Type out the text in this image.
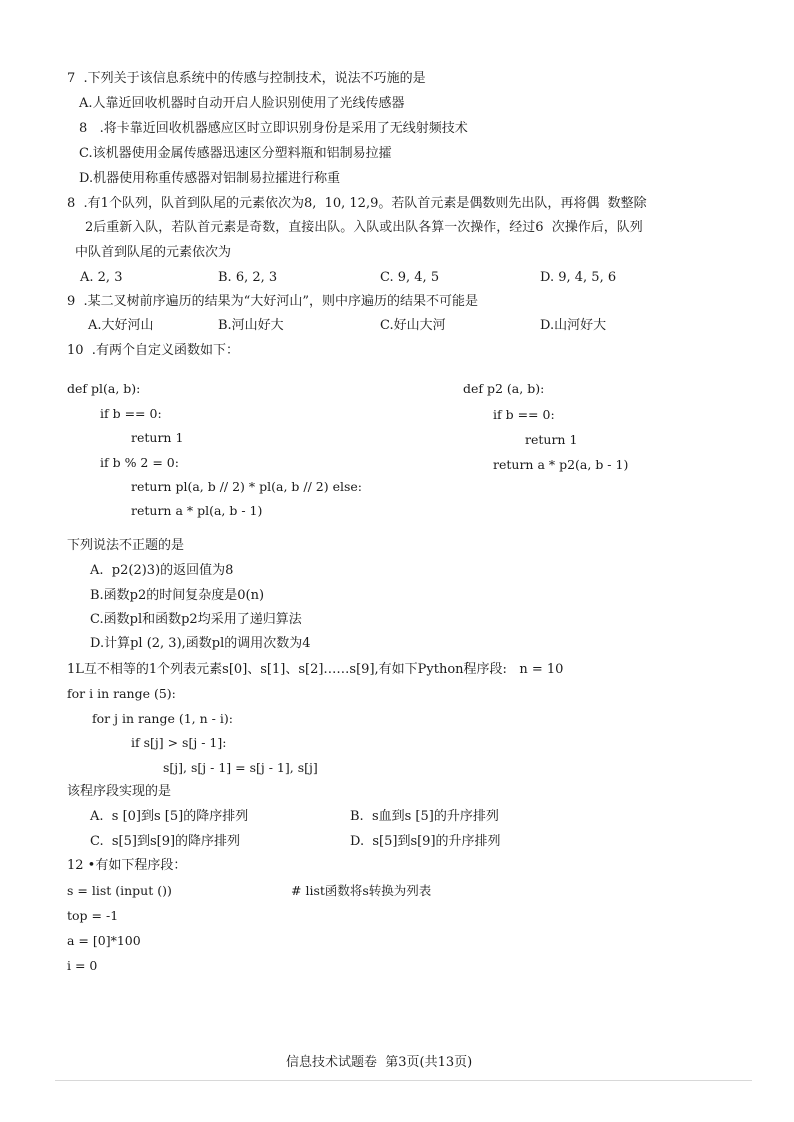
7  .下列关于该信息系统中的传感与控制技术，说法不巧施的是
A.人靠近回收机器时自动开启人脸识别使用了光线传感器
8   .将卡靠近回收机器感应区时立即识别身份是采用了无线射频技术
C.该机器使用金属传感器迅速区分塑料瓶和铝制易拉攉
D.机器使用称重传感器对铝制易拉攉进行称重
8  .有1个队列，队首到队尾的元素依次为8,  10, 12,9。若队首元素是偶数则先出队，再将偶  数整除
2后重新入队，若队首元素是奇数，直接出队。入队或出队各算一次操作，经过6  次操作后，队列
中队首到队尾的元素依次为
A. 2, 3	B. 6, 2, 3	C. 9, 4, 5	D. 9, 4, 5, 6
9  .某二叉树前序遍历的结果为“大好河山”，则中序遍历的结果不可能是
A.大好河山	B.河山好大	C.好山大河	D.山河好大
10  .有两个自定义函数如下：
def pl(a, b):
if b == 0:
return 1
if b % 2 = 0:
return pl(a, b // 2) * pl(a, b // 2) else:
return a * pl(a, b - 1)
def p2 (a, b):
if b == 0:
return 1
return a * p2(a, b - 1)
下列说法不正题的是
A.  p2(2)3)的返回值为8
B.函数p2的时间复杂度是0(n)
C.函数pl和函数p2均采用了递归算法
D.计算pl (2, 3),函数pl的调用次数为4
1L互不相等的1个列表元素s[0]、s[1]、s[2]……s[9],有如下Python程序段:   n = 10
for i in range (5):
for j in range (1, n - i):
if s[j] > s[j - 1]:
s[j], s[j - 1] = s[j - 1], s[j]
该程序段实现的是
A.  s [0]到s [5]的降序排列	B.  s血到s [5]的升序排列
C.  s[5]到s[9]的降序排列	D.  s[5]到s[9]的升序排列
12 •有如下程序段：
s = list (input ())	# list函数将s转换为列表
top = -1
a = [0]*100
i = 0
信息技术试题卷  第3页(共13页)
